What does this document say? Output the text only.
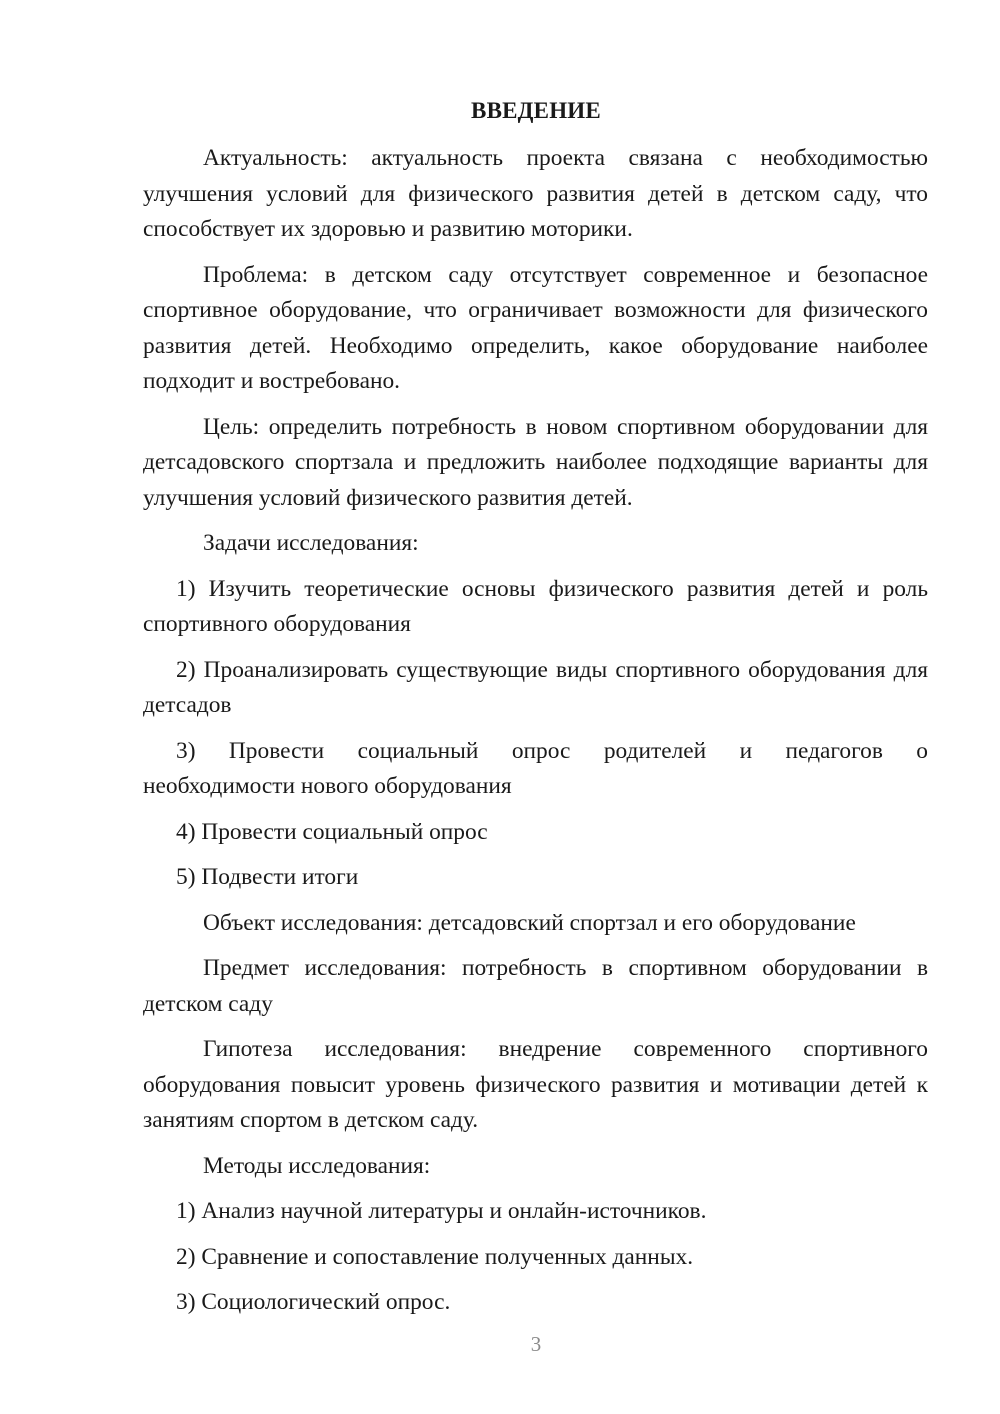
ВВЕДЕНИЕ

Актуальность: актуальность проекта связана с необходимостью улучшения условий для физического развития детей в детском саду, что способствует их здоровью и развитию моторики.

Проблема: в детском саду отсутствует современное и безопасное спортивное оборудование, что ограничивает возможности для физического развития детей. Необходимо определить, какое оборудование наиболее подходит и востребовано.

Цель: определить потребность в новом спортивном оборудовании для детсадовского спортзала и предложить наиболее подходящие варианты для улучшения условий физического развития детей.

Задачи исследования:

1) Изучить теоретические основы физического развития детей и роль спортивного оборудования

2) Проанализировать существующие виды спортивного оборудования для детсадов

3) Провести социальный опрос родителей и педагогов о
необходимости нового оборудования

4) Провести социальный опрос

5) Подвести итоги

Объект исследования: детсадовский спортзал и его оборудование

Предмет исследования: потребность в спортивном оборудовании в детском саду

Гипотеза исследования: внедрение современного спортивного оборудования повысит уровень физического развития и мотивации детей к занятиям спортом в детском саду.

Методы исследования:

1) Анализ научной литературы и онлайн-источников.

2) Сравнение и сопоставление полученных данных.

3) Социологический опрос.

3
